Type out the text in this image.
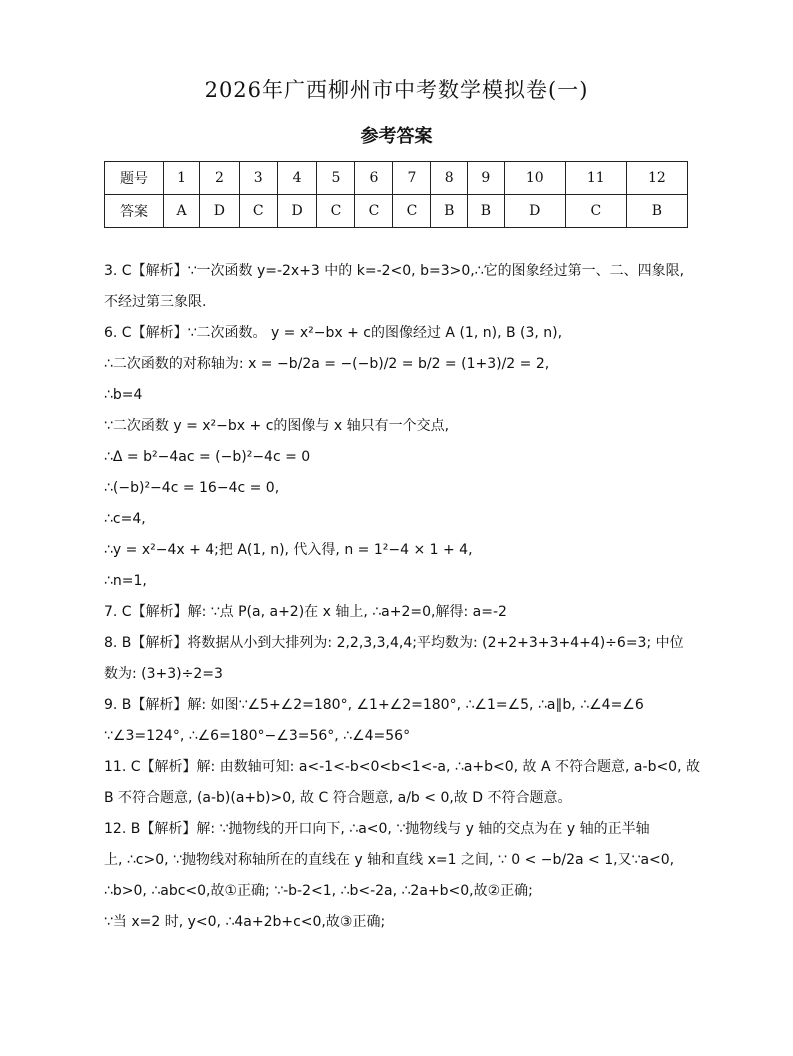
2026年广西柳州市中考数学模拟卷(一)
参考答案
题号	1	2	3	4	5	6	7	8	9	10	11	12
答案	A	D	C	D	C	C	C	B	B	D	C	B
3. C【解析】∵一次函数 y=-2x+3 中的 k=-2<0, b=3>0,∴它的图象经过第一、二、四象限,
不经过第三象限.
6. C【解析】∵二次函数。 y = x²−bx + c的图像经过 A (1, n), B (3, n),
∴二次函数的对称轴为: x = −b/2a = −(−b)/2 = b/2 = (1+3)/2 = 2,
∴b=4
∵二次函数 y = x²−bx + c的图像与 x 轴只有一个交点,
∴Δ = b²−4ac = (−b)²−4c = 0
∴(−b)²−4c = 16−4c = 0,
∴c=4,
∴y = x²−4x + 4;把 A(1, n), 代入得, n = 1²−4 × 1 + 4,
∴n=1,
7. C【解析】解: ∵点 P(a, a+2)在 x 轴上, ∴a+2=0,解得: a=-2
8. B【解析】将数据从小到大排列为: 2,2,3,3,4,4;平均数为: (2+2+3+3+4+4)÷6=3; 中位
数为: (3+3)÷2=3
9. B【解析】解: 如图∵∠5+∠2=180°, ∠1+∠2=180°, ∴∠1=∠5, ∴a∥b, ∴∠4=∠6
∵∠3=124°, ∴∠6=180°−∠3=56°, ∴∠4=56°
11. C【解析】解: 由数轴可知: a<-1<-b<0<b<1<-a, ∴a+b<0, 故 A 不符合题意, a-b<0, 故
B 不符合题意, (a-b)(a+b)>0, 故 C 符合题意, a/b < 0,故 D 不符合题意。
12. B【解析】解: ∵抛物线的开口向下, ∴a<0, ∵抛物线与 y 轴的交点为在 y 轴的正半轴
上, ∴c>0, ∵抛物线对称轴所在的直线在 y 轴和直线 x=1 之间, ∵ 0 < −b/2a < 1,又∵a<0,
∴b>0, ∴abc<0,故①正确; ∵-b-2<1, ∴b<-2a, ∴2a+b<0,故②正确;
∵当 x=2 时, y<0, ∴4a+2b+c<0,故③正确;
